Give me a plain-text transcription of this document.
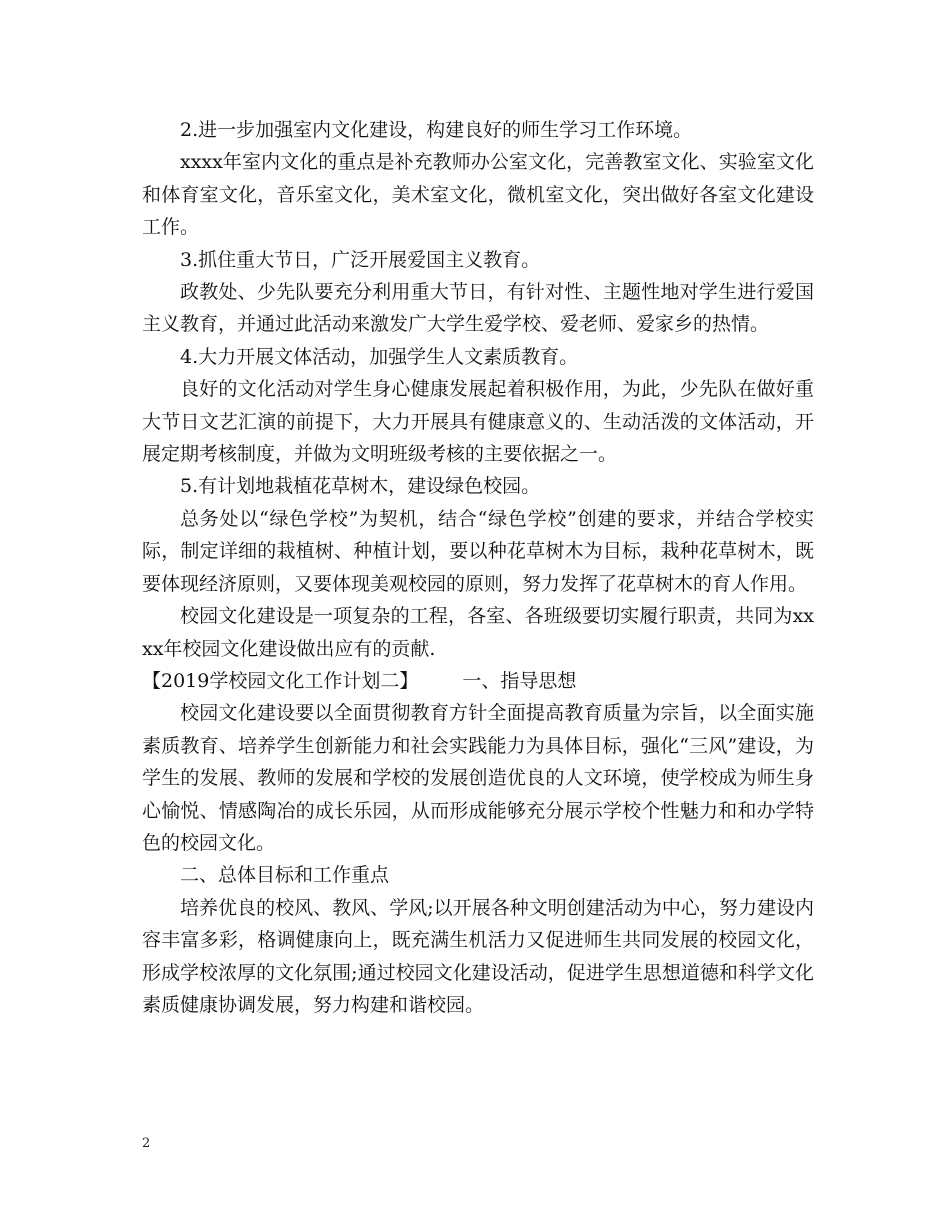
2.进一步加强室内文化建设，构建良好的师生学习工作环境。

xxxx年室内文化的重点是补充教师办公室文化，完善教室文化、实验室文化和体育室文化，音乐室文化，美术室文化，微机室文化，突出做好各室文化建设工作。

3.抓住重大节日，广泛开展爱国主义教育。

政教处、少先队要充分利用重大节日，有针对性、主题性地对学生进行爱国主义教育，并通过此活动来激发广大学生爱学校、爱老师、爱家乡的热情。

4.大力开展文体活动，加强学生人文素质教育。

良好的文化活动对学生身心健康发展起着积极作用，为此，少先队在做好重大节日文艺汇演的前提下，大力开展具有健康意义的、生动活泼的文体活动，开展定期考核制度，并做为文明班级考核的主要依据之一。

5.有计划地栽植花草树木，建设绿色校园。

总务处以“绿色学校”为契机，结合“绿色学校”创建的要求，并结合学校实际，制定详细的栽植树、种植计划，要以种花草树木为目标，栽种花草树木，既要体现经济原则，又要体现美观校园的原则，努力发挥了花草树木的育人作用。

校园文化建设是一项复杂的工程，各室、各班级要切实履行职责，共同为xxxx年校园文化建设做出应有的贡献.

【2019学校园文化工作计划二】 一、指导思想

校园文化建设要以全面贯彻教育方针全面提高教育质量为宗旨，以全面实施素质教育、培养学生创新能力和社会实践能力为具体目标，强化“三风”建设，为学生的发展、教师的发展和学校的发展创造优良的人文环境，使学校成为师生身心愉悦、情感陶冶的成长乐园，从而形成能够充分展示学校个性魅力和和办学特色的校园文化。

二、总体目标和工作重点

培养优良的校风、教风、学风;以开展各种文明创建活动为中心，努力建设内容丰富多彩，格调健康向上，既充满生机活力又促进师生共同发展的校园文化，形成学校浓厚的文化氛围;通过校园文化建设活动，促进学生思想道德和科学文化素质健康协调发展，努力构建和谐校园。

2
